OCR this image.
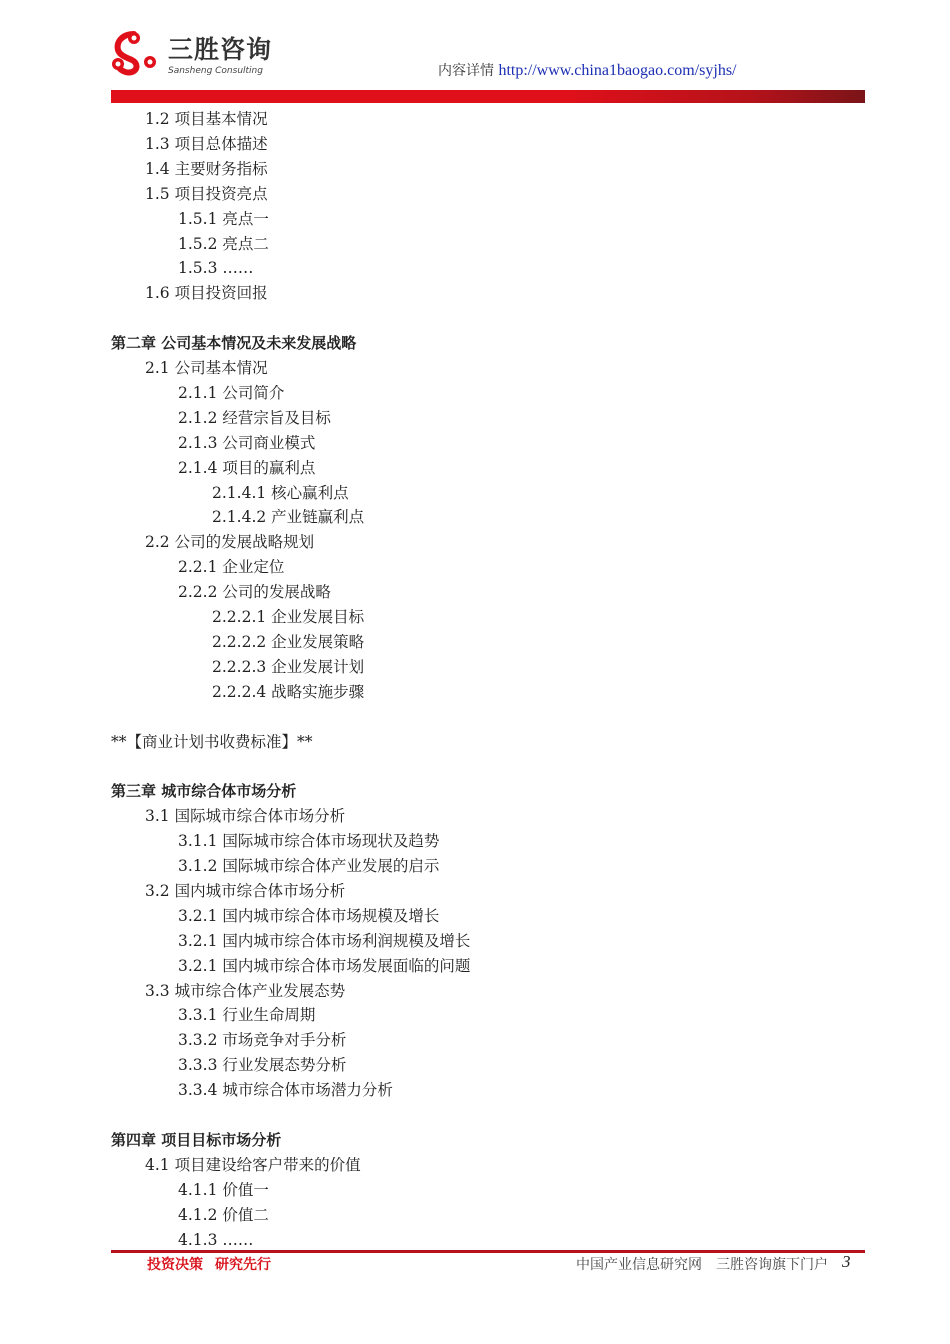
三胜咨询
Sansheng Consulting	内容详情 http://www.china1baogao.com/syjhs/
1.2 项目基本情况
1.3 项目总体描述
1.4 主要财务指标
1.5 项目投资亮点
1.5.1 亮点一
1.5.2 亮点二
1.5.3 ……
1.6 项目投资回报
第二章 公司基本情况及未来发展战略
2.1 公司基本情况
2.1.1 公司简介
2.1.2 经营宗旨及目标
2.1.3 公司商业模式
2.1.4 项目的赢利点
2.1.4.1 核心赢利点
2.1.4.2 产业链赢利点
2.2 公司的发展战略规划
2.2.1 企业定位
2.2.2 公司的发展战略
2.2.2.1 企业发展目标
2.2.2.2 企业发展策略
2.2.2.3 企业发展计划
2.2.2.4 战略实施步骤
**【商业计划书收费标准】**
第三章 城市综合体市场分析
3.1 国际城市综合体市场分析
3.1.1 国际城市综合体市场现状及趋势
3.1.2 国际城市综合体产业发展的启示
3.2 国内城市综合体市场分析
3.2.1 国内城市综合体市场规模及增长
3.2.1 国内城市综合体市场利润规模及增长
3.2.1 国内城市综合体市场发展面临的问题
3.3 城市综合体产业发展态势
3.3.1 行业生命周期
3.3.2 市场竞争对手分析
3.3.3 行业发展态势分析
3.3.4 城市综合体市场潜力分析
第四章 项目目标市场分析
4.1 项目建设给客户带来的价值
4.1.1 价值一
4.1.2 价值二
4.1.3 ……
投资决策 研究先行	中国产业信息研究网 三胜咨询旗下门户 3
